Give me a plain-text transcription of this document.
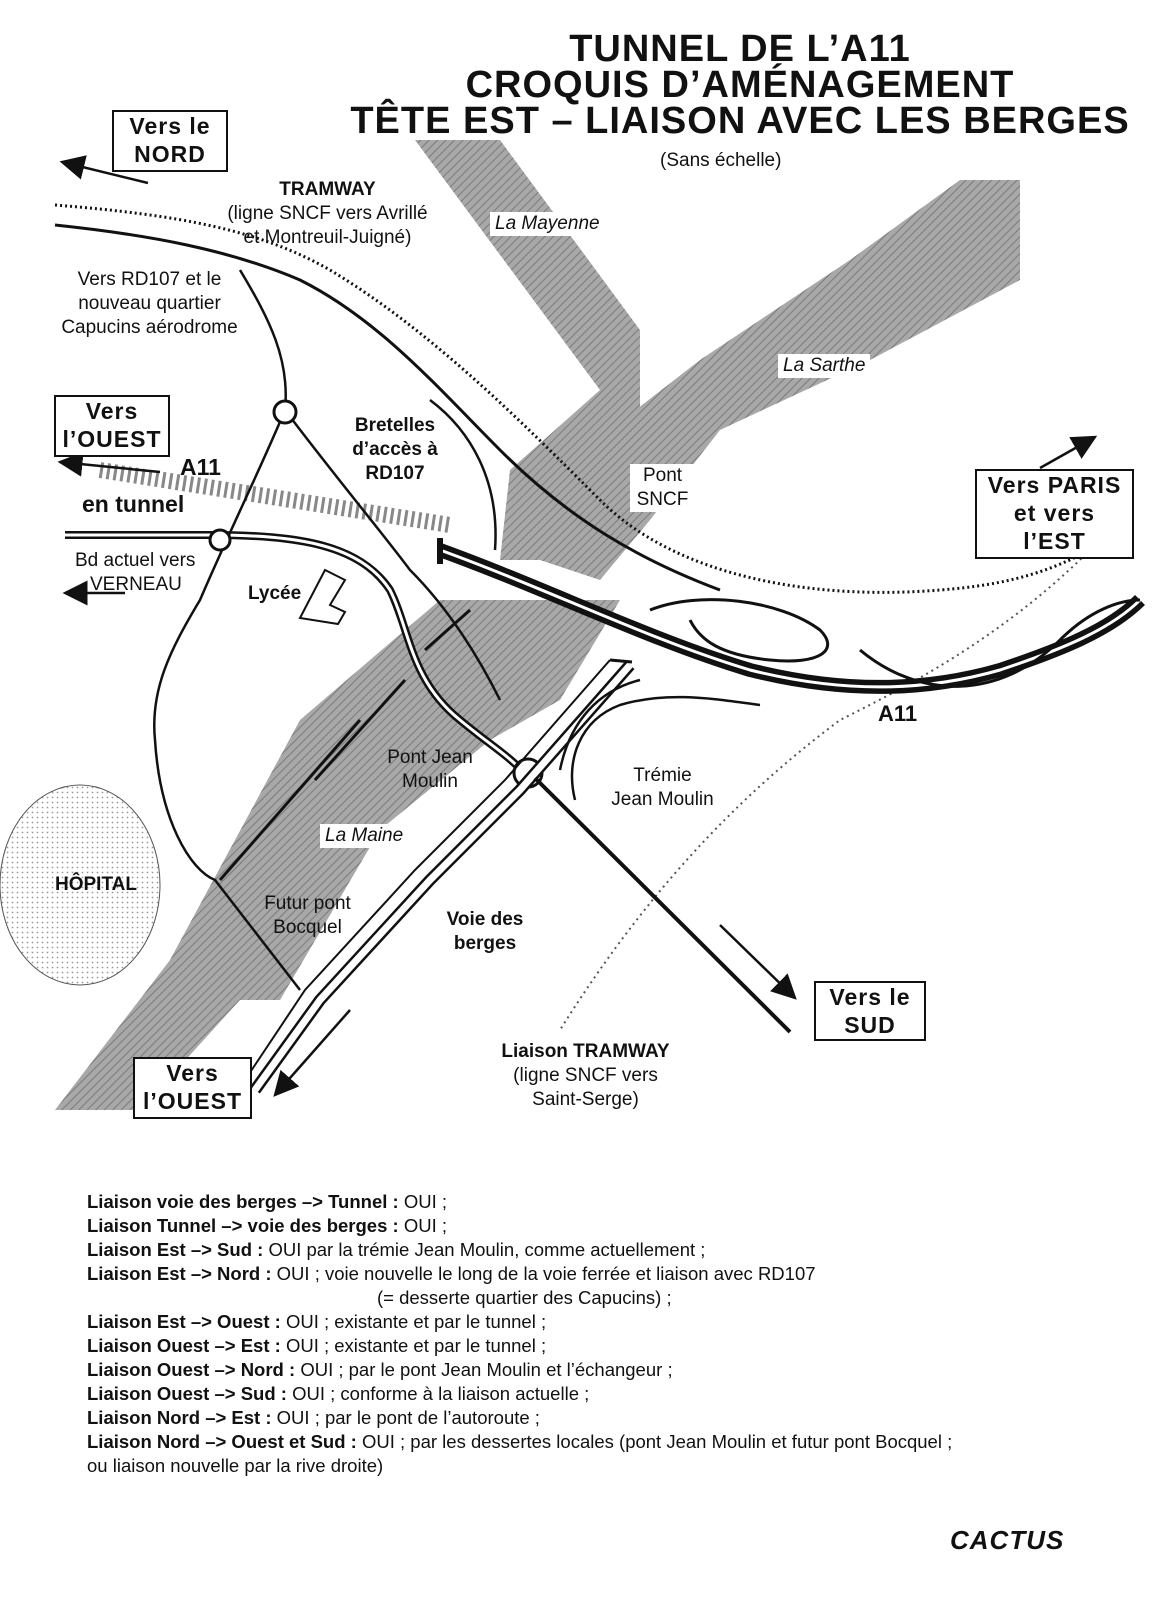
TUNNEL DE L’A11
CROQUIS D’AMÉNAGEMENT
TÊTE EST – LIAISON AVEC LES BERGES
(Sans échelle)
Vers le
NORD
Vers
l’OUEST
Vers PARIS
et vers
l’EST
Vers le
SUD
Vers
l’OUEST
La Mayenne
La Sarthe
La Maine
TRAMWAY
(ligne SNCF vers Avrillé
et Montreuil-Juigné)
Vers RD107 et le
nouveau quartier
Capucins aérodrome
A11
en tunnel
Bretelles
d’accès à
RD107	Pont
SNCF
Bd actuel vers
VERNEAU	Lycée
A11
Pont Jean
Moulin	Trémie
Jean Moulin
HÔPITAL
Futur pont
Bocquel	Voie des
berges
Liaison TRAMWAY
(ligne SNCF vers
Saint-Serge)
Liaison voie des berges –> Tunnel : OUI ;
Liaison Tunnel –> voie des berges : OUI ;
Liaison Est –> Sud : OUI par la trémie Jean Moulin, comme actuellement ;
Liaison Est –> Nord : OUI ; voie nouvelle le long de la voie ferrée et liaison avec RD107
(= desserte quartier des Capucins) ;
Liaison Est –> Ouest : OUI ; existante et par le tunnel ;
Liaison Ouest –> Est : OUI ; existante et par le tunnel ;
Liaison Ouest –> Nord : OUI ; par le pont Jean Moulin et l’échangeur ;
Liaison Ouest –> Sud : OUI ; conforme à la liaison actuelle ;
Liaison Nord –> Est : OUI ; par le pont de l’autoroute ;
Liaison Nord –> Ouest et Sud : OUI ; par les dessertes locales (pont Jean Moulin et futur pont Bocquel ;
ou liaison nouvelle par la rive droite)
CACTUS
